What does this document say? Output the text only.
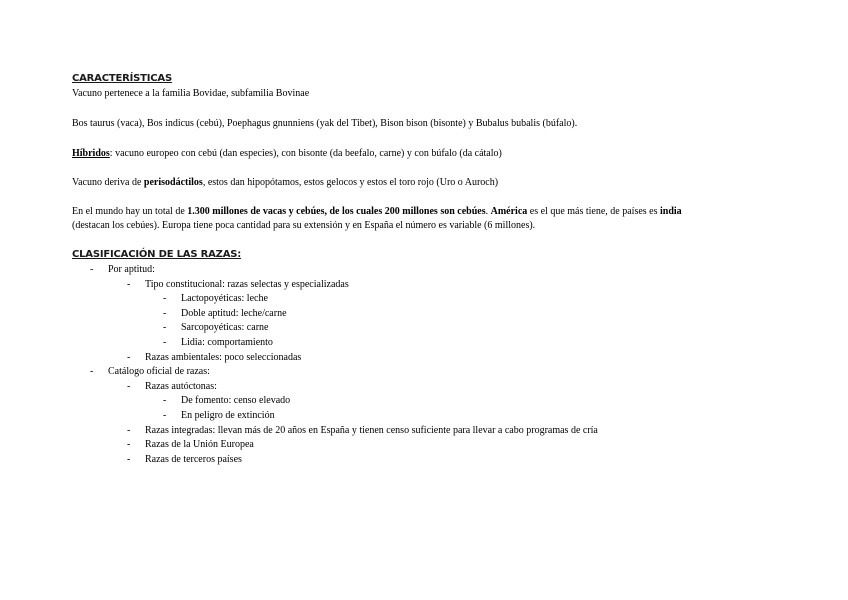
CARACTERÍSTICAS
Vacuno pertenece a la familia Bovidae, subfamilia Bovinae
Bos taurus (vaca), Bos indicus (cebú), Poephagus gnunniens (yak del Tibet), Bison bison (bisonte) y Bubalus bubalis (búfalo).
Híbridos: vacuno europeo con cebú (dan especies), con bisonte (da beefalo, carne) y con búfalo (da cátalo)
Vacuno deriva de perisodáctilos, estos dan hipopótamos, estos gelocos y estos el toro rojo (Uro o Auroch)
En el mundo hay un total de 1.300 millones de vacas y cebúes, de los cuales 200 millones son cebúes. América es el que más tiene, de países es india
(destacan los cebúes). Europa tiene poca cantidad para su extensión y en España el número es variable (6 millones).
CLASIFICACIÓN DE LAS RAZAS:
- Por aptitud:
- Tipo constitucional: razas selectas y especializadas
- Lactopoyéticas: leche
- Doble aptitud: leche/carne
- Sarcopoyéticas: carne
- Lidia: comportamiento
- Razas ambientales: poco seleccionadas
- Catálogo oficial de razas:
- Razas autóctonas:
- De fomento: censo elevado
- En peligro de extinción
- Razas integradas: llevan más de 20 años en España y tienen censo suficiente para llevar a cabo programas de cría
- Razas de la Unión Europea
- Razas de terceros países
